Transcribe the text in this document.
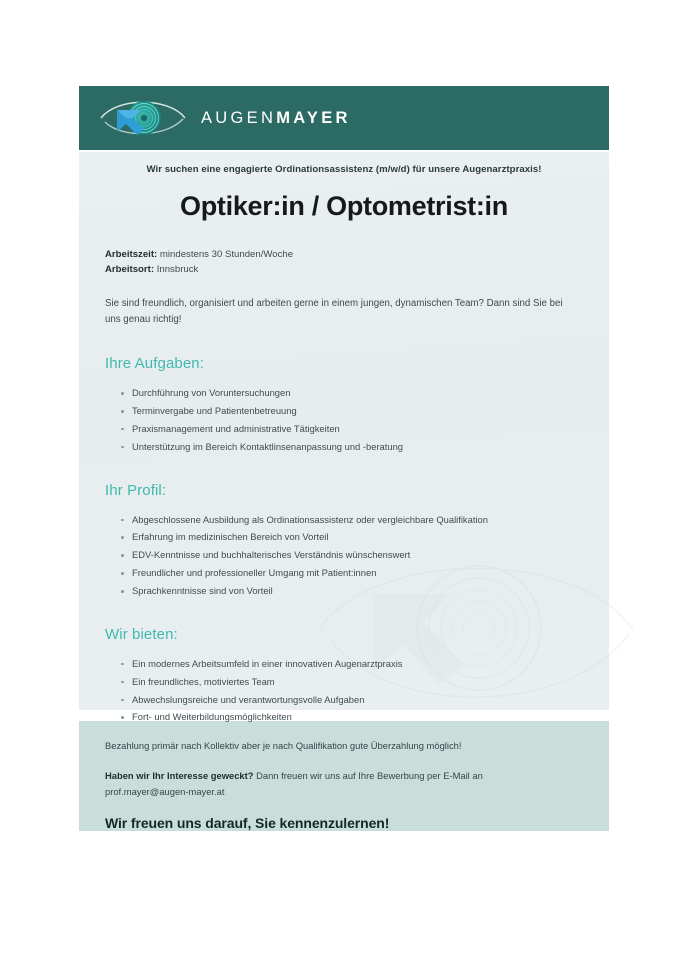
AUGENMAYER
Wir suchen eine engagierte Ordinationsassistenz (m/w/d) für unsere Augenarztpraxis!
Optiker:in / Optometrist:in
Arbeitszeit: mindestens 30 Stunden/Woche
Arbeitsort: Innsbruck
Sie sind freundlich, organisiert und arbeiten gerne in einem jungen, dynamischen Team? Dann sind Sie bei uns genau richtig!
Ihre Aufgaben:
Durchführung von Voruntersuchungen
Terminvergabe und Patientenbetreuung
Praxismanagement und administrative Tätigkeiten
Unterstützung im Bereich Kontaktlinsenanpassung und -beratung
Ihr Profil:
Abgeschlossene Ausbildung als Ordinationsassistenz oder vergleichbare Qualifikation
Erfahrung im medizinischen Bereich von Vorteil
EDV-Kenntnisse und buchhalterisches Verständnis wünschenswert
Freundlicher und professioneller Umgang mit Patient:innen
Sprachkenntnisse sind von Vorteil
Wir bieten:
Ein modernes Arbeitsumfeld in einer innovativen Augenarztpraxis
Ein freundliches, motiviertes Team
Abwechslungsreiche und verantwortungsvolle Aufgaben
Fort- und Weiterbildungsmöglichkeiten
Bezahlung primär nach Kollektiv aber je nach Qualifikation gute Überzahlung möglich!
Haben wir Ihr Interesse geweckt? Dann freuen wir uns auf Ihre Bewerbung per E-Mail an
prof.mayer@augen-mayer.at
Wir freuen uns darauf, Sie kennenzulernen!
